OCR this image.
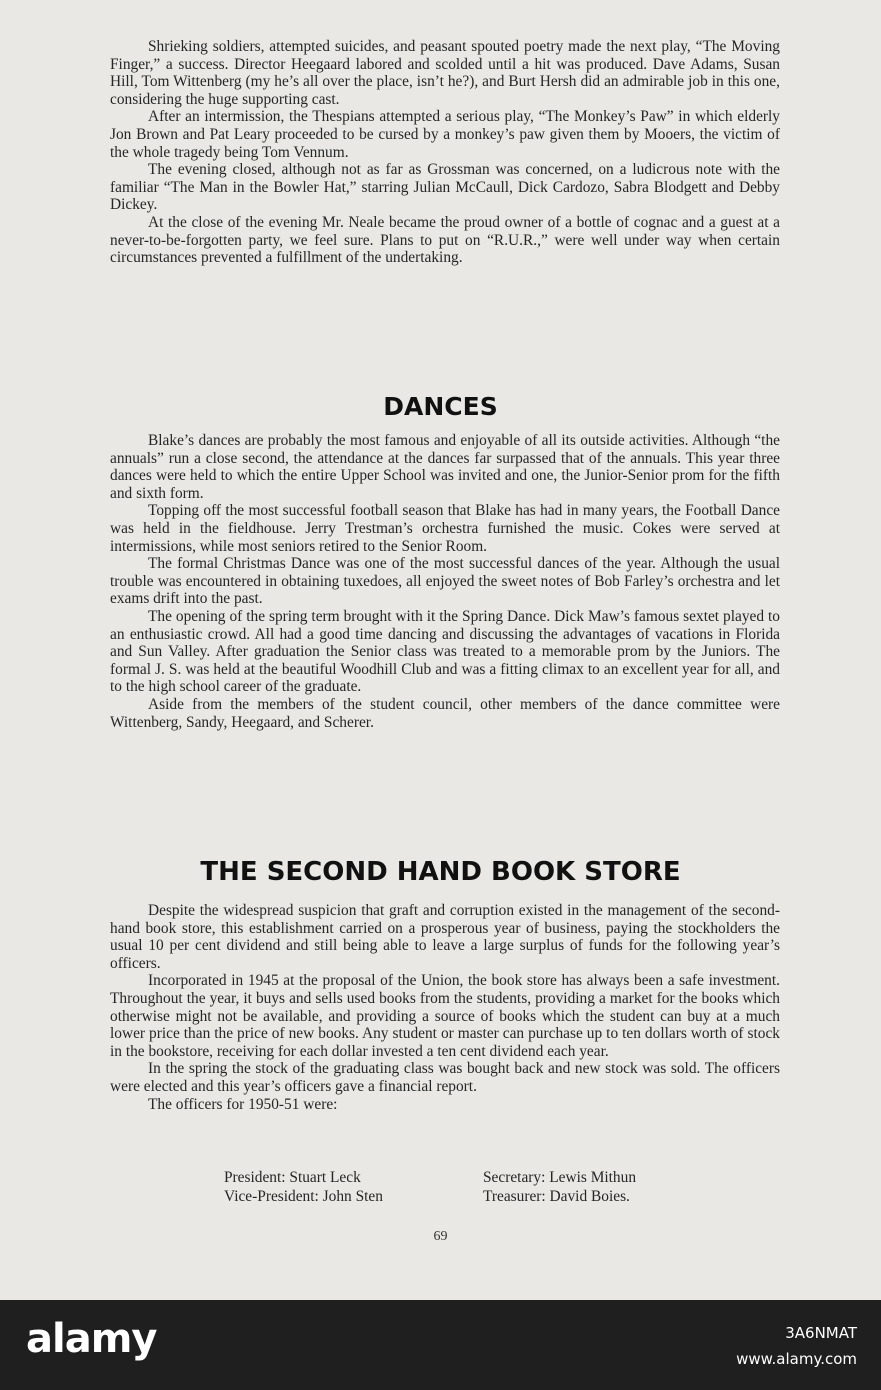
Shrieking soldiers, attempted suicides, and peasant spouted poetry made the next play, “The Moving Finger,” a success. Director Heegaard labored and scolded until a hit was produced. Dave Adams, Susan Hill, Tom Wittenberg (my he’s all over the place, isn’t he?), and Burt Hersh did an admirable job in this one, considering the huge supporting cast.

After an intermission, the Thespians attempted a serious play, “The Monkey’s Paw” in which elderly Jon Brown and Pat Leary proceeded to be cursed by a monkey’s paw given them by Mooers, the victim of the whole tragedy being Tom Vennum.

The evening closed, although not as far as Grossman was concerned, on a ludicrous note with the familiar “The Man in the Bowler Hat,” starring Julian McCaull, Dick Cardozo, Sabra Blodgett and Debby Dickey.

At the close of the evening Mr. Neale became the proud owner of a bottle of cognac and a guest at a never-to-be-forgotten party, we feel sure. Plans to put on “R.U.R.,” were well under way when certain circumstances prevented a fulfillment of the undertaking.

DANCES

Blake’s dances are probably the most famous and enjoyable of all its outside activities. Although “the annuals” run a close second, the attendance at the dances far surpassed that of the annuals. This year three dances were held to which the entire Upper School was invited and one, the Junior-Senior prom for the fifth and sixth form.

Topping off the most successful football season that Blake has had in many years, the Football Dance was held in the fieldhouse. Jerry Trestman’s orchestra furnished the music. Cokes were served at intermissions, while most seniors retired to the Senior Room.

The formal Christmas Dance was one of the most successful dances of the year. Although the usual trouble was encountered in obtaining tuxedoes, all enjoyed the sweet notes of Bob Farley’s orchestra and let exams drift into the past.

The opening of the spring term brought with it the Spring Dance. Dick Maw’s famous sextet played to an enthusiastic crowd. All had a good time dancing and discussing the advantages of vacations in Florida and Sun Valley. After graduation the Senior class was treated to a memorable prom by the Juniors. The formal J. S. was held at the beautiful Woodhill Club and was a fitting climax to an excellent year for all, and to the high school career of the graduate.

Aside from the members of the student council, other members of the dance committee were Wittenberg, Sandy, Heegaard, and Scherer.

THE SECOND HAND BOOK STORE

Despite the widespread suspicion that graft and corruption existed in the management of the second-hand book store, this establishment carried on a prosperous year of business, paying the stockholders the usual 10 per cent dividend and still being able to leave a large surplus of funds for the following year’s officers.

Incorporated in 1945 at the proposal of the Union, the book store has always been a safe investment. Throughout the year, it buys and sells used books from the students, providing a market for the books which otherwise might not be available, and providing a source of books which the student can buy at a much lower price than the price of new books. Any student or master can purchase up to ten dollars worth of stock in the bookstore, receiving for each dollar invested a ten cent dividend each year.

In the spring the stock of the graduating class was bought back and new stock was sold. The officers were elected and this year’s officers gave a financial report.

The officers for 1950-51 were:

President: Stuart Leck
Vice-President: John Sten
Secretary: Lewis Mithun
Treasurer: David Boies.
69
alamy	3A6NMAT
www.alamy.com
